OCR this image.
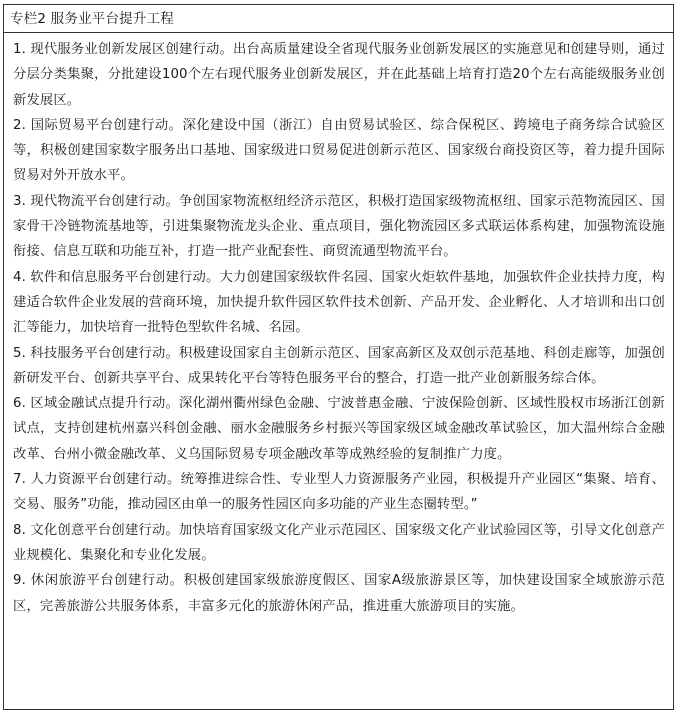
专栏2 服务业平台提升工程

1. 现代服务业创新发展区创建行动。出台高质量建设全省现代服务业创新发展区的实施意见和创建导则，通过分层分类集聚，分批建设100个左右现代服务业创新发展区，并在此基础上培育打造20个左右高能级服务业创新发展区。

2. 国际贸易平台创建行动。深化建设中国（浙江）自由贸易试验区、综合保税区、跨境电子商务综合试验区等，积极创建国家数字服务出口基地、国家级进口贸易促进创新示范区、国家级台商投资区等，着力提升国际贸易对外开放水平。

3. 现代物流平台创建行动。争创国家物流枢纽经济示范区，积极打造国家级物流枢纽、国家示范物流园区、国家骨干冷链物流基地等，引进集聚物流龙头企业、重点项目，强化物流园区多式联运体系构建，加强物流设施衔接、信息互联和功能互补，打造一批产业配套性、商贸流通型物流平台。

4. 软件和信息服务平台创建行动。大力创建国家级软件名园、国家火炬软件基地，加强软件企业扶持力度，构建适合软件企业发展的营商环境，加快提升软件园区软件技术创新、产品开发、企业孵化、人才培训和出口创汇等能力，加快培育一批特色型软件名城、名园。

5. 科技服务平台创建行动。积极建设国家自主创新示范区、国家高新区及双创示范基地、科创走廊等，加强创新研发平台、创新共享平台、成果转化平台等特色服务平台的整合，打造一批产业创新服务综合体。

6. 区域金融试点提升行动。深化湖州衢州绿色金融、宁波普惠金融、宁波保险创新、区域性股权市场浙江创新试点，支持创建杭州嘉兴科创金融、丽水金融服务乡村振兴等国家级区域金融改革试验区，加大温州综合金融改革、台州小微金融改革、义乌国际贸易专项金融改革等成熟经验的复制推广力度。

7. 人力资源平台创建行动。统筹推进综合性、专业型人力资源服务产业园，积极提升产业园区“集聚、培育、交易、服务”功能，推动园区由单一的服务性园区向多功能的产业生态圈转型。”

8. 文化创意平台创建行动。加快培育国家级文化产业示范园区、国家级文化产业试验园区等，引导文化创意产业规模化、集聚化和专业化发展。

9. 休闲旅游平台创建行动。积极创建国家级旅游度假区、国家A级旅游景区等，加快建设国家全域旅游示范区，完善旅游公共服务体系，丰富多元化的旅游休闲产品，推进重大旅游项目的实施。
